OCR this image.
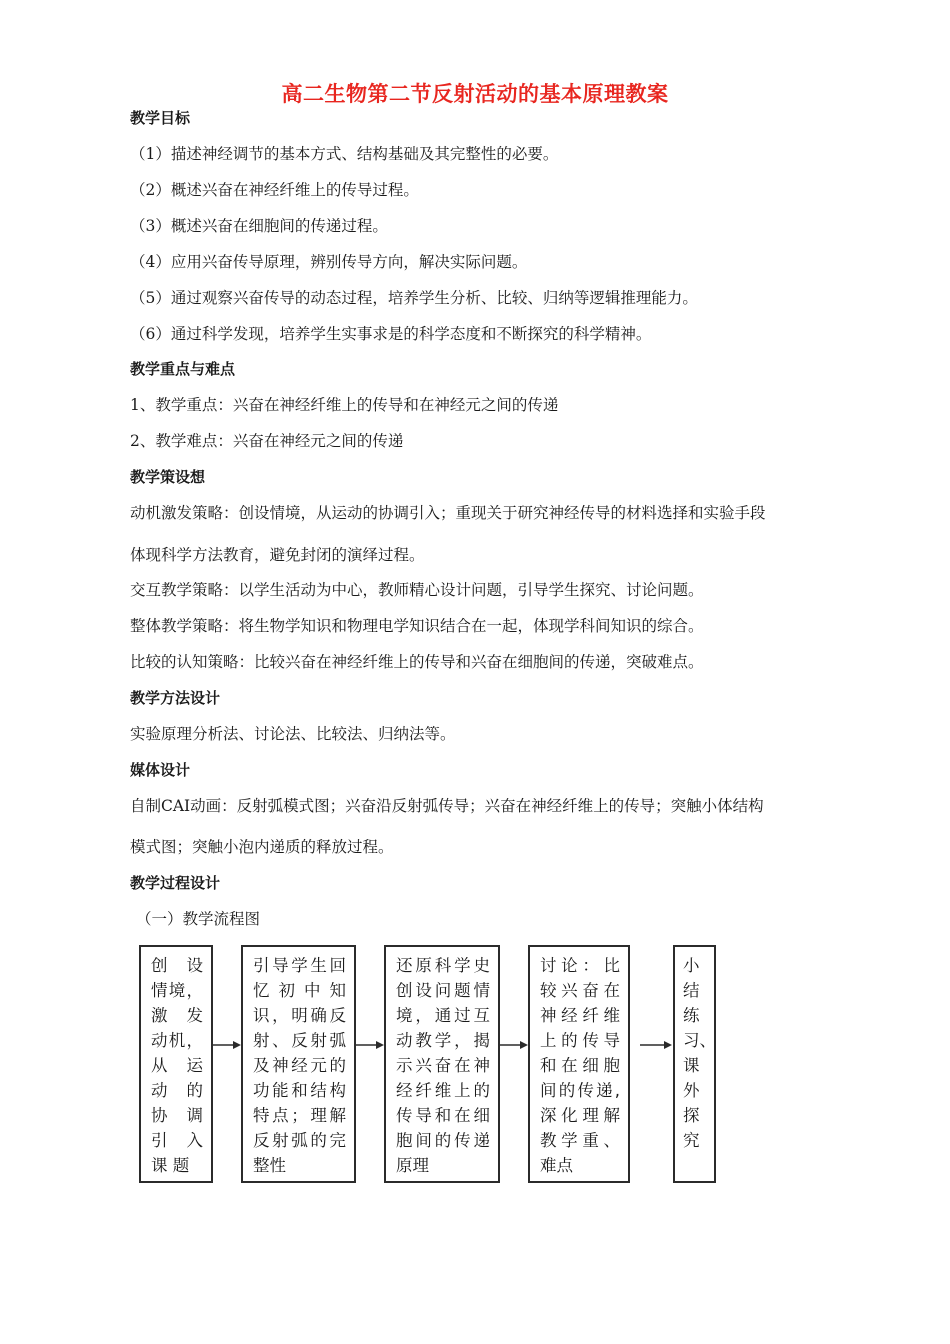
高二生物第二节反射活动的基本原理教案
教学目标
（1）描述神经调节的基本方式、结构基础及其完整性的必要。
（2）概述兴奋在神经纤维上的传导过程。
（3）概述兴奋在细胞间的传递过程。
（4）应用兴奋传导原理，辨别传导方向，解决实际问题。
（5）通过观察兴奋传导的动态过程，培养学生分析、比较、归纳等逻辑推理能力。
（6）通过科学发现，培养学生实事求是的科学态度和不断探究的科学精神。
教学重点与难点
1、教学重点：兴奋在神经纤维上的传导和在神经元之间的传递
2、教学难点：兴奋在神经元之间的传递
教学策设想
动机激发策略：创设情境，从运动的协调引入；重现关于研究神经传导的材料选择和实验手段
体现科学方法教育，避免封闭的演绎过程。
交互教学策略：以学生活动为中心，教师精心设计问题，引导学生探究、讨论问题。
整体教学策略：将生物学知识和物理电学知识结合在一起，体现学科间知识的综合。
比较的认知策略：比较兴奋在神经纤维上的传导和兴奋在细胞间的传递，突破难点。
教学方法设计
实验原理分析法、讨论法、比较法、归纳法等。
媒体设计
自制CAI动画：反射弧模式图；兴奋沿反射弧传导；兴奋在神经纤维上的传导；突触小体结构
模式图；突触小泡内递质的释放过程。
教学过程设计
（一）教学流程图
创 设 情境，激 发 动机，从 运 动 的 协 调 引 入 课 题
引导学生回忆初中知识，明确反射、反射弧及神经元的功能和结构特点；理解反射弧的完整性
还原科学史创设问题情境，通过互动教学，揭示兴奋在神经纤维上的传导和在细胞间的传递原理
讨论：比较兴奋在神经纤维上的传导和在细胞间的传递,深化理解教学重、难点
小结练习、课外探究
